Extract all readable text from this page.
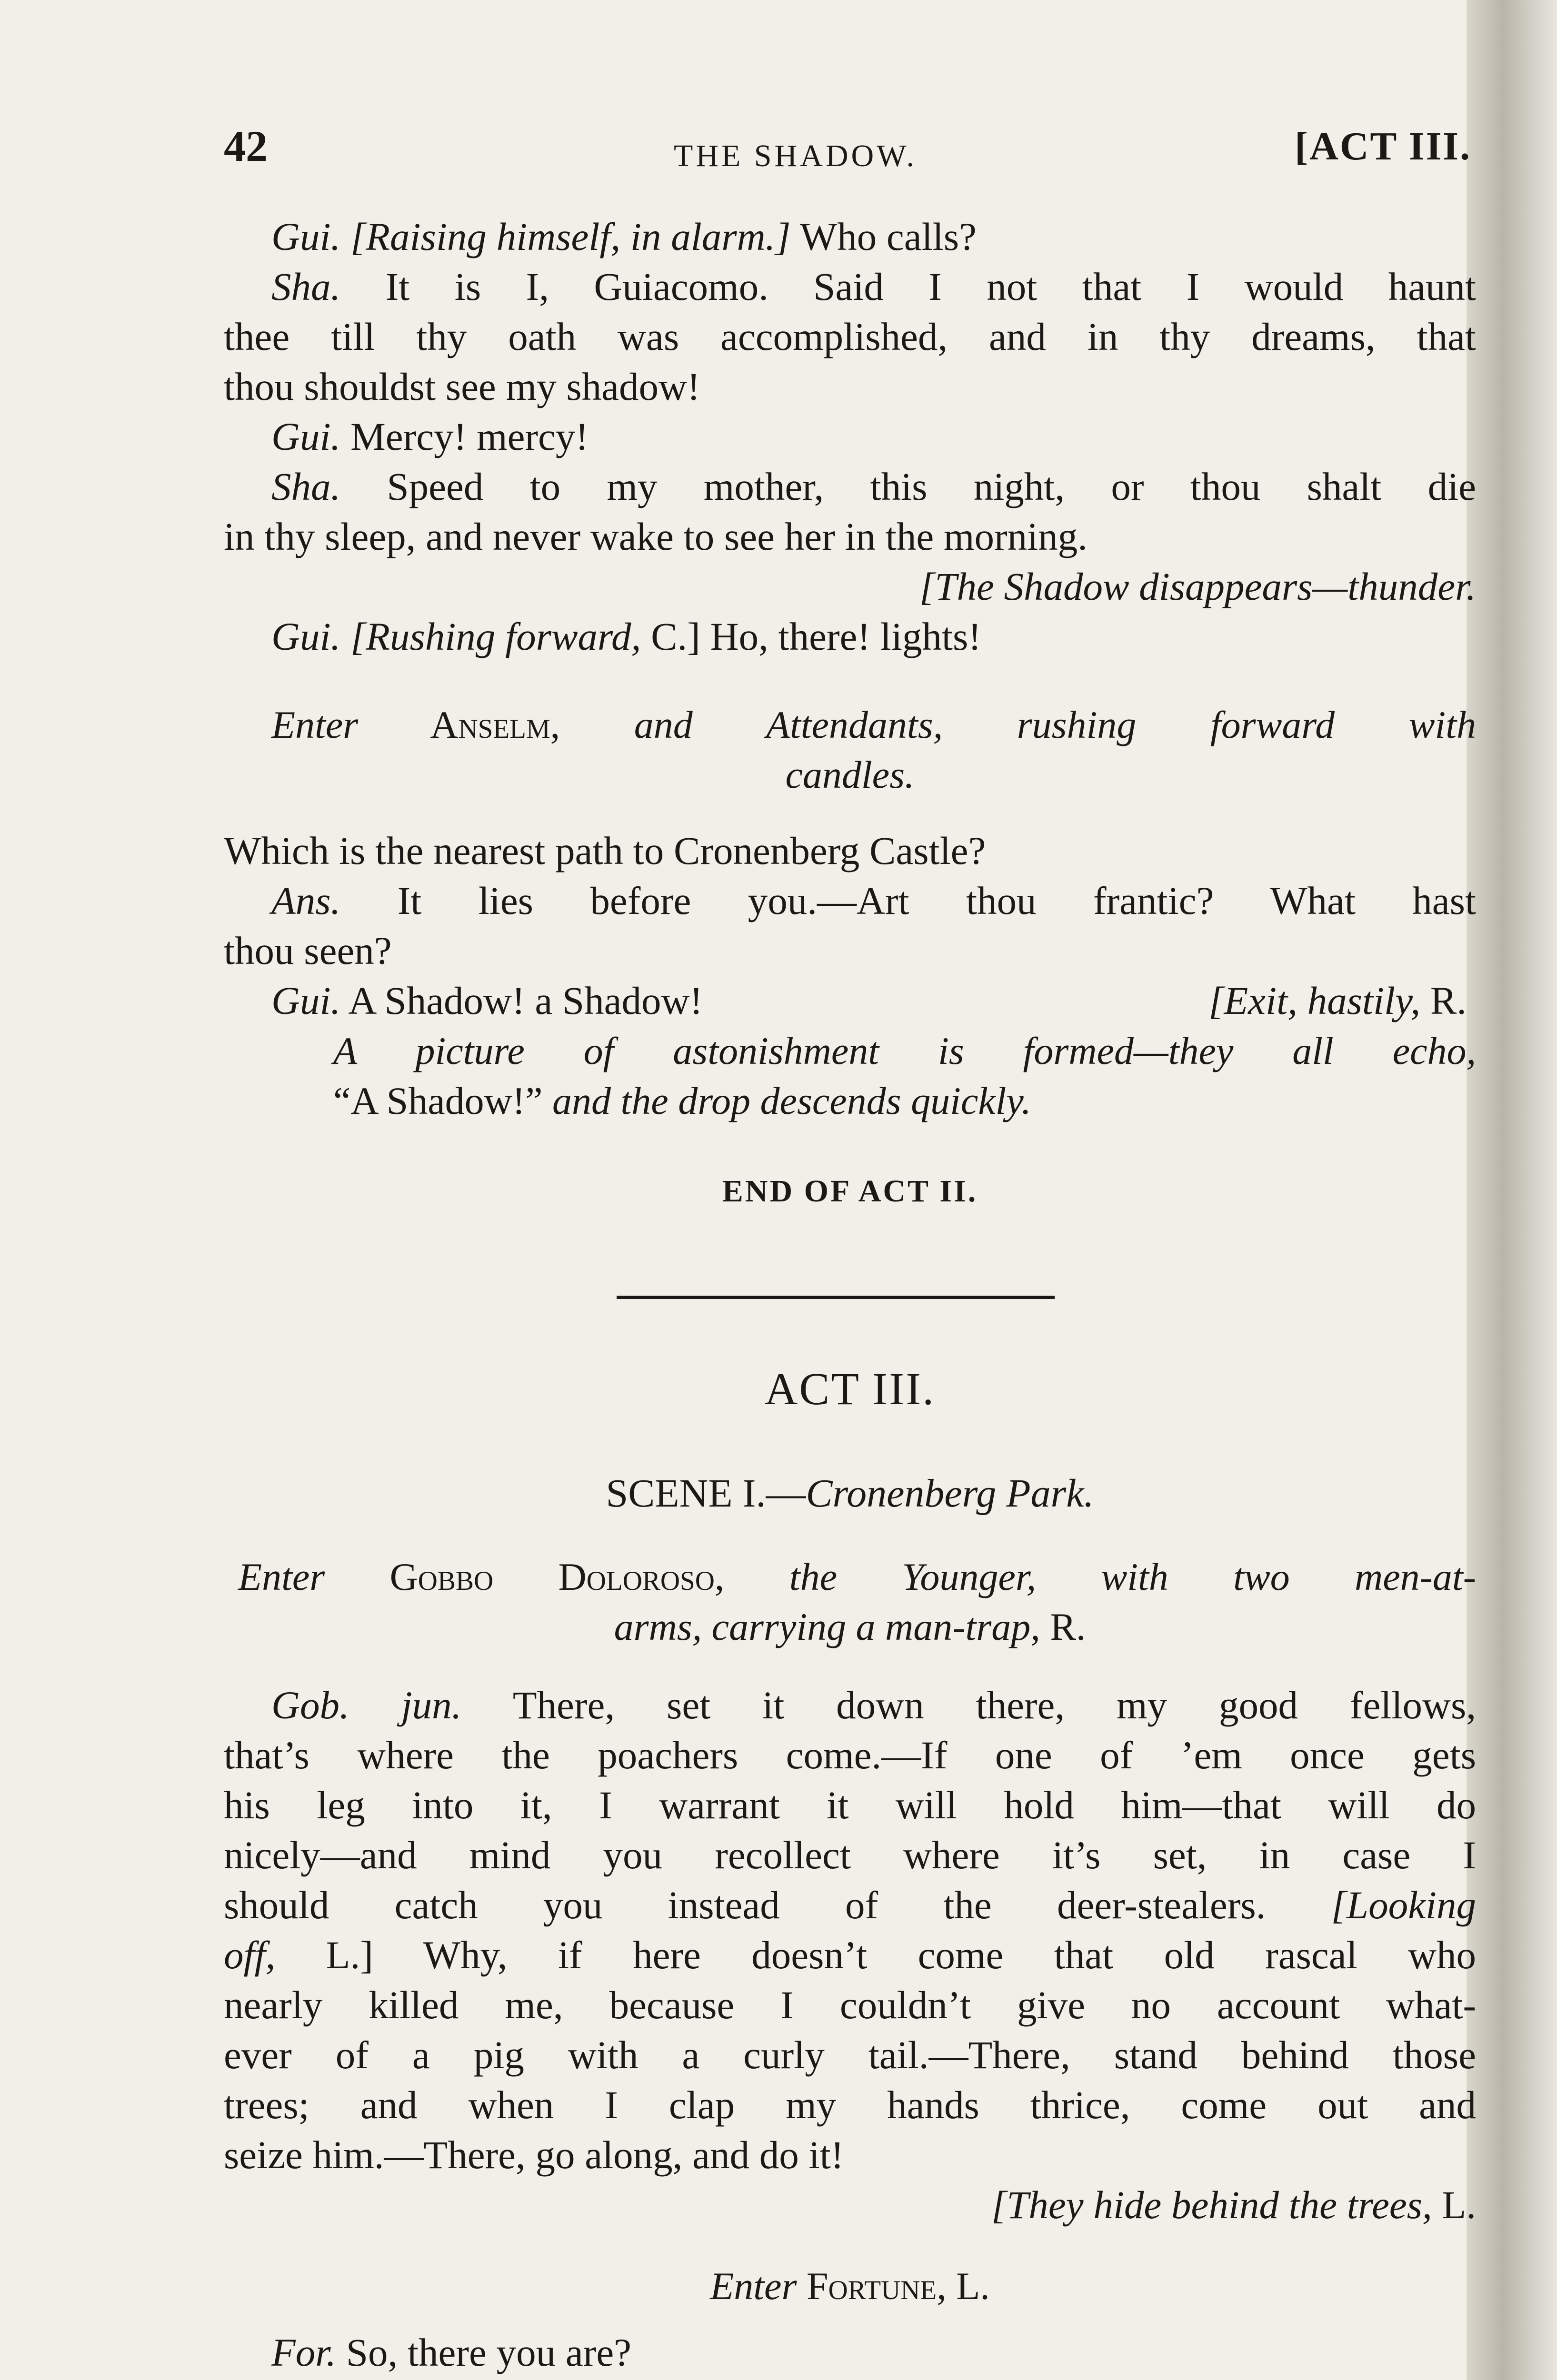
42	THE SHADOW.	[ACT III.
Gui. [Raising himself, in alarm.] Who calls?
Sha. It is I, Guiacomo. Said I not that I would haunt
thee till thy oath was accomplished, and in thy dreams, that
thou shouldst see my shadow!
Gui. Mercy! mercy!
Sha. Speed to my mother, this night, or thou shalt die
in thy sleep, and never wake to see her in the morning.
[The Shadow disappears—thunder.
Gui. [Rushing forward, C.] Ho, there! lights!
Enter Anselm, and Attendants, rushing forward with
candles.
Which is the nearest path to Cronenberg Castle?
Ans. It lies before you.—Art thou frantic? What hast
thou seen?
Gui. A Shadow! a Shadow!	[Exit, hastily, R.
A picture of astonishment is formed—they all echo,
“A Shadow!” and the drop descends quickly.
END OF ACT II.
ACT III.
SCENE I.—Cronenberg Park.
Enter Gobbo Doloroso, the Younger, with two men-at-
arms, carrying a man-trap, R.
Gob. jun. There, set it down there, my good fellows,
that’s where the poachers come.—If one of ’em once gets
his leg into it, I warrant it will hold him—that will do
nicely—and mind you recollect where it’s set, in case I
should catch you instead of the deer-stealers. [Looking
off, L.] Why, if here doesn’t come that old rascal who
nearly killed me, because I couldn’t give no account what-
ever of a pig with a curly tail.—There, stand behind those
trees; and when I clap my hands thrice, come out and
seize him.—There, go along, and do it!
[They hide behind the trees, L.
Enter Fortune, L.
For. So, there you are?
